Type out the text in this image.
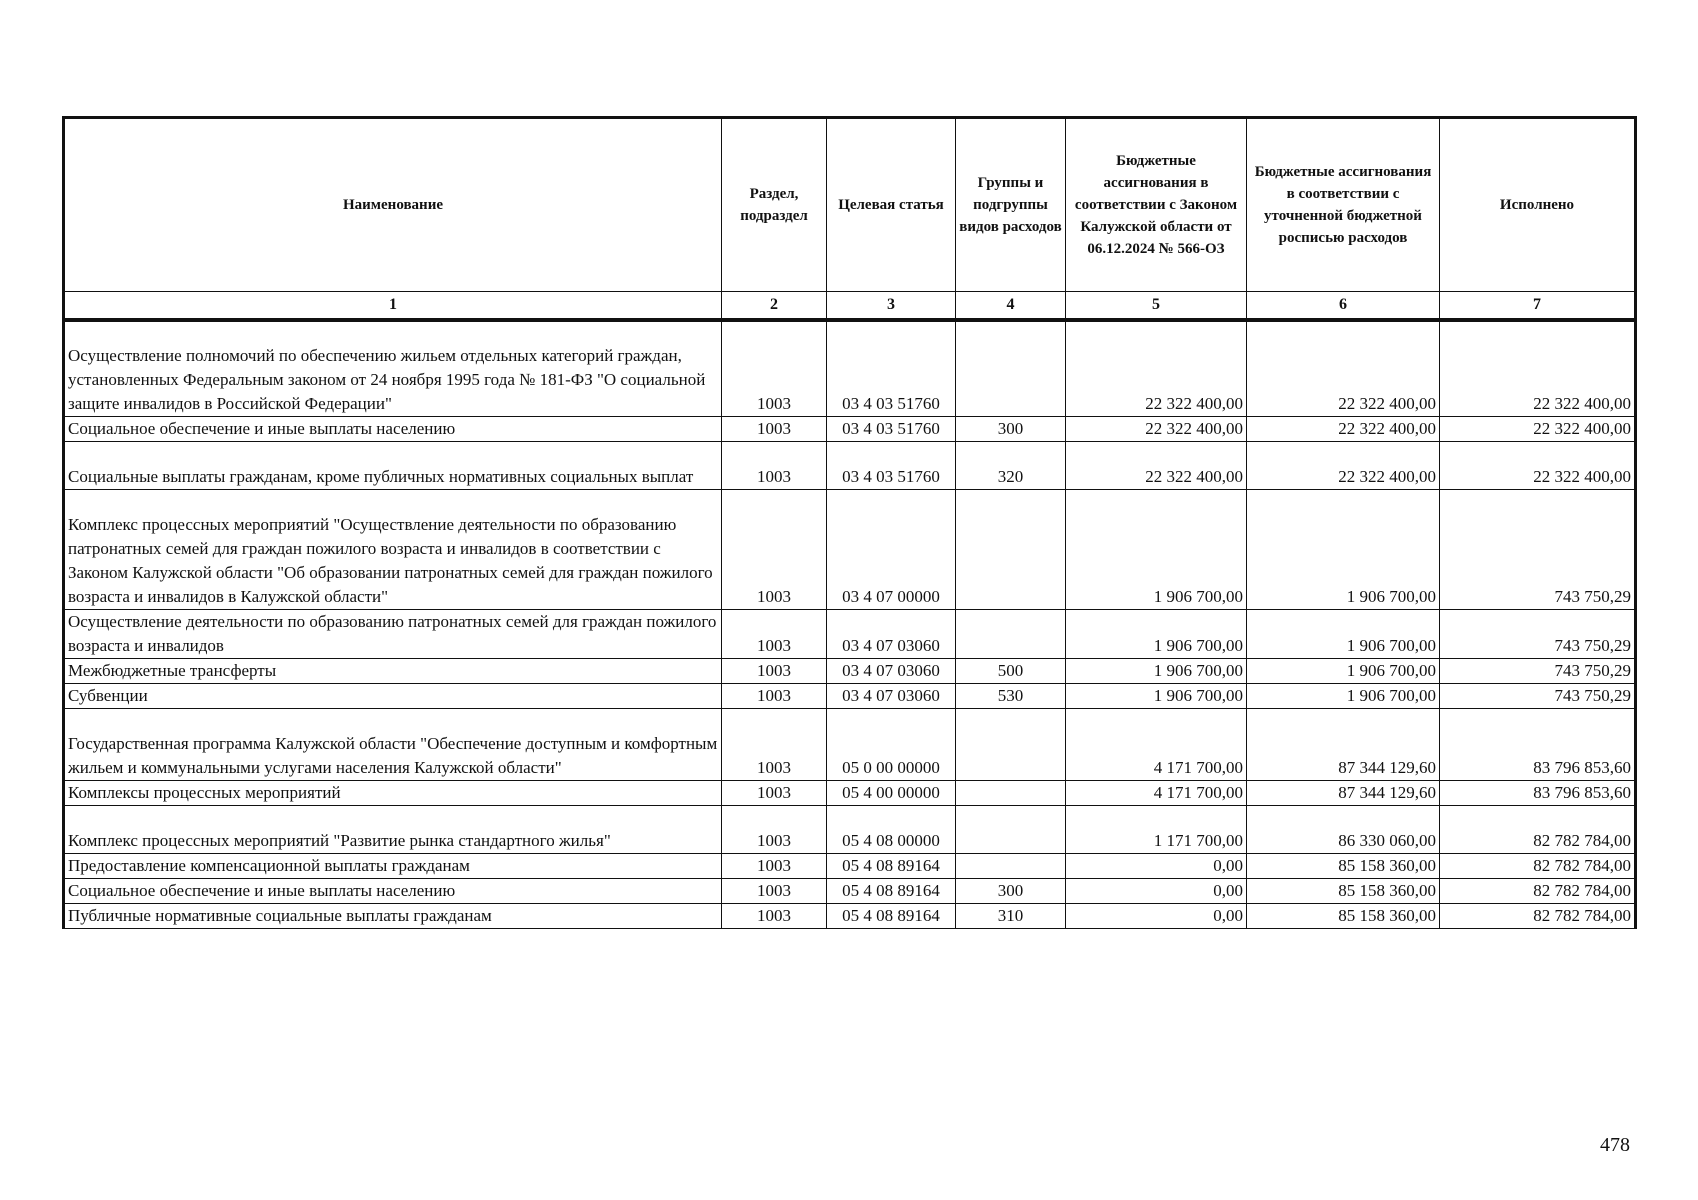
Наименование	Раздел, подраздел	Целевая статья	Группы и подгруппы видов расходов	Бюджетные ассигнования в соответствии с Законом Калужской области от 06.12.2024 № 566-ОЗ	Бюджетные ассигнования в соответствии с уточненной бюджетной росписью расходов	Исполнено
1	2	3	4	5	6	7
Осуществление полномочий по обеспечению жильем отдельных категорий граждан, установленных Федеральным законом от 24 ноября 1995 года № 181-ФЗ "О социальной защите инвалидов в Российской Федерации"	1003	03 4 03 51760		22 322 400,00	22 322 400,00	22 322 400,00
Социальное обеспечение и иные выплаты населению	1003	03 4 03 51760	300	22 322 400,00	22 322 400,00	22 322 400,00
Социальные выплаты гражданам, кроме публичных нормативных социальных выплат	1003	03 4 03 51760	320	22 322 400,00	22 322 400,00	22 322 400,00
Комплекс процессных мероприятий "Осуществление деятельности по образованию патронатных семей для граждан пожилого возраста и инвалидов в соответствии с Законом Калужской области "Об образовании патронатных семей для граждан пожилого возраста и инвалидов в Калужской области"	1003	03 4 07 00000		1 906 700,00	1 906 700,00	743 750,29
Осуществление деятельности по образованию патронатных семей для граждан пожилого возраста и инвалидов	1003	03 4 07 03060		1 906 700,00	1 906 700,00	743 750,29
Межбюджетные трансферты	1003	03 4 07 03060	500	1 906 700,00	1 906 700,00	743 750,29
Субвенции	1003	03 4 07 03060	530	1 906 700,00	1 906 700,00	743 750,29
Государственная программа Калужской области "Обеспечение доступным и комфортным жильем и коммунальными услугами населения Калужской области"	1003	05 0 00 00000		4 171 700,00	87 344 129,60	83 796 853,60
Комплексы процессных мероприятий	1003	05 4 00 00000		4 171 700,00	87 344 129,60	83 796 853,60
Комплекс процессных мероприятий "Развитие рынка стандартного жилья"	1003	05 4 08 00000		1 171 700,00	86 330 060,00	82 782 784,00
Предоставление компенсационной выплаты гражданам	1003	05 4 08 89164		0,00	85 158 360,00	82 782 784,00
Социальное обеспечение и иные выплаты населению	1003	05 4 08 89164	300	0,00	85 158 360,00	82 782 784,00
Публичные нормативные социальные выплаты гражданам	1003	05 4 08 89164	310	0,00	85 158 360,00	82 782 784,00
478
